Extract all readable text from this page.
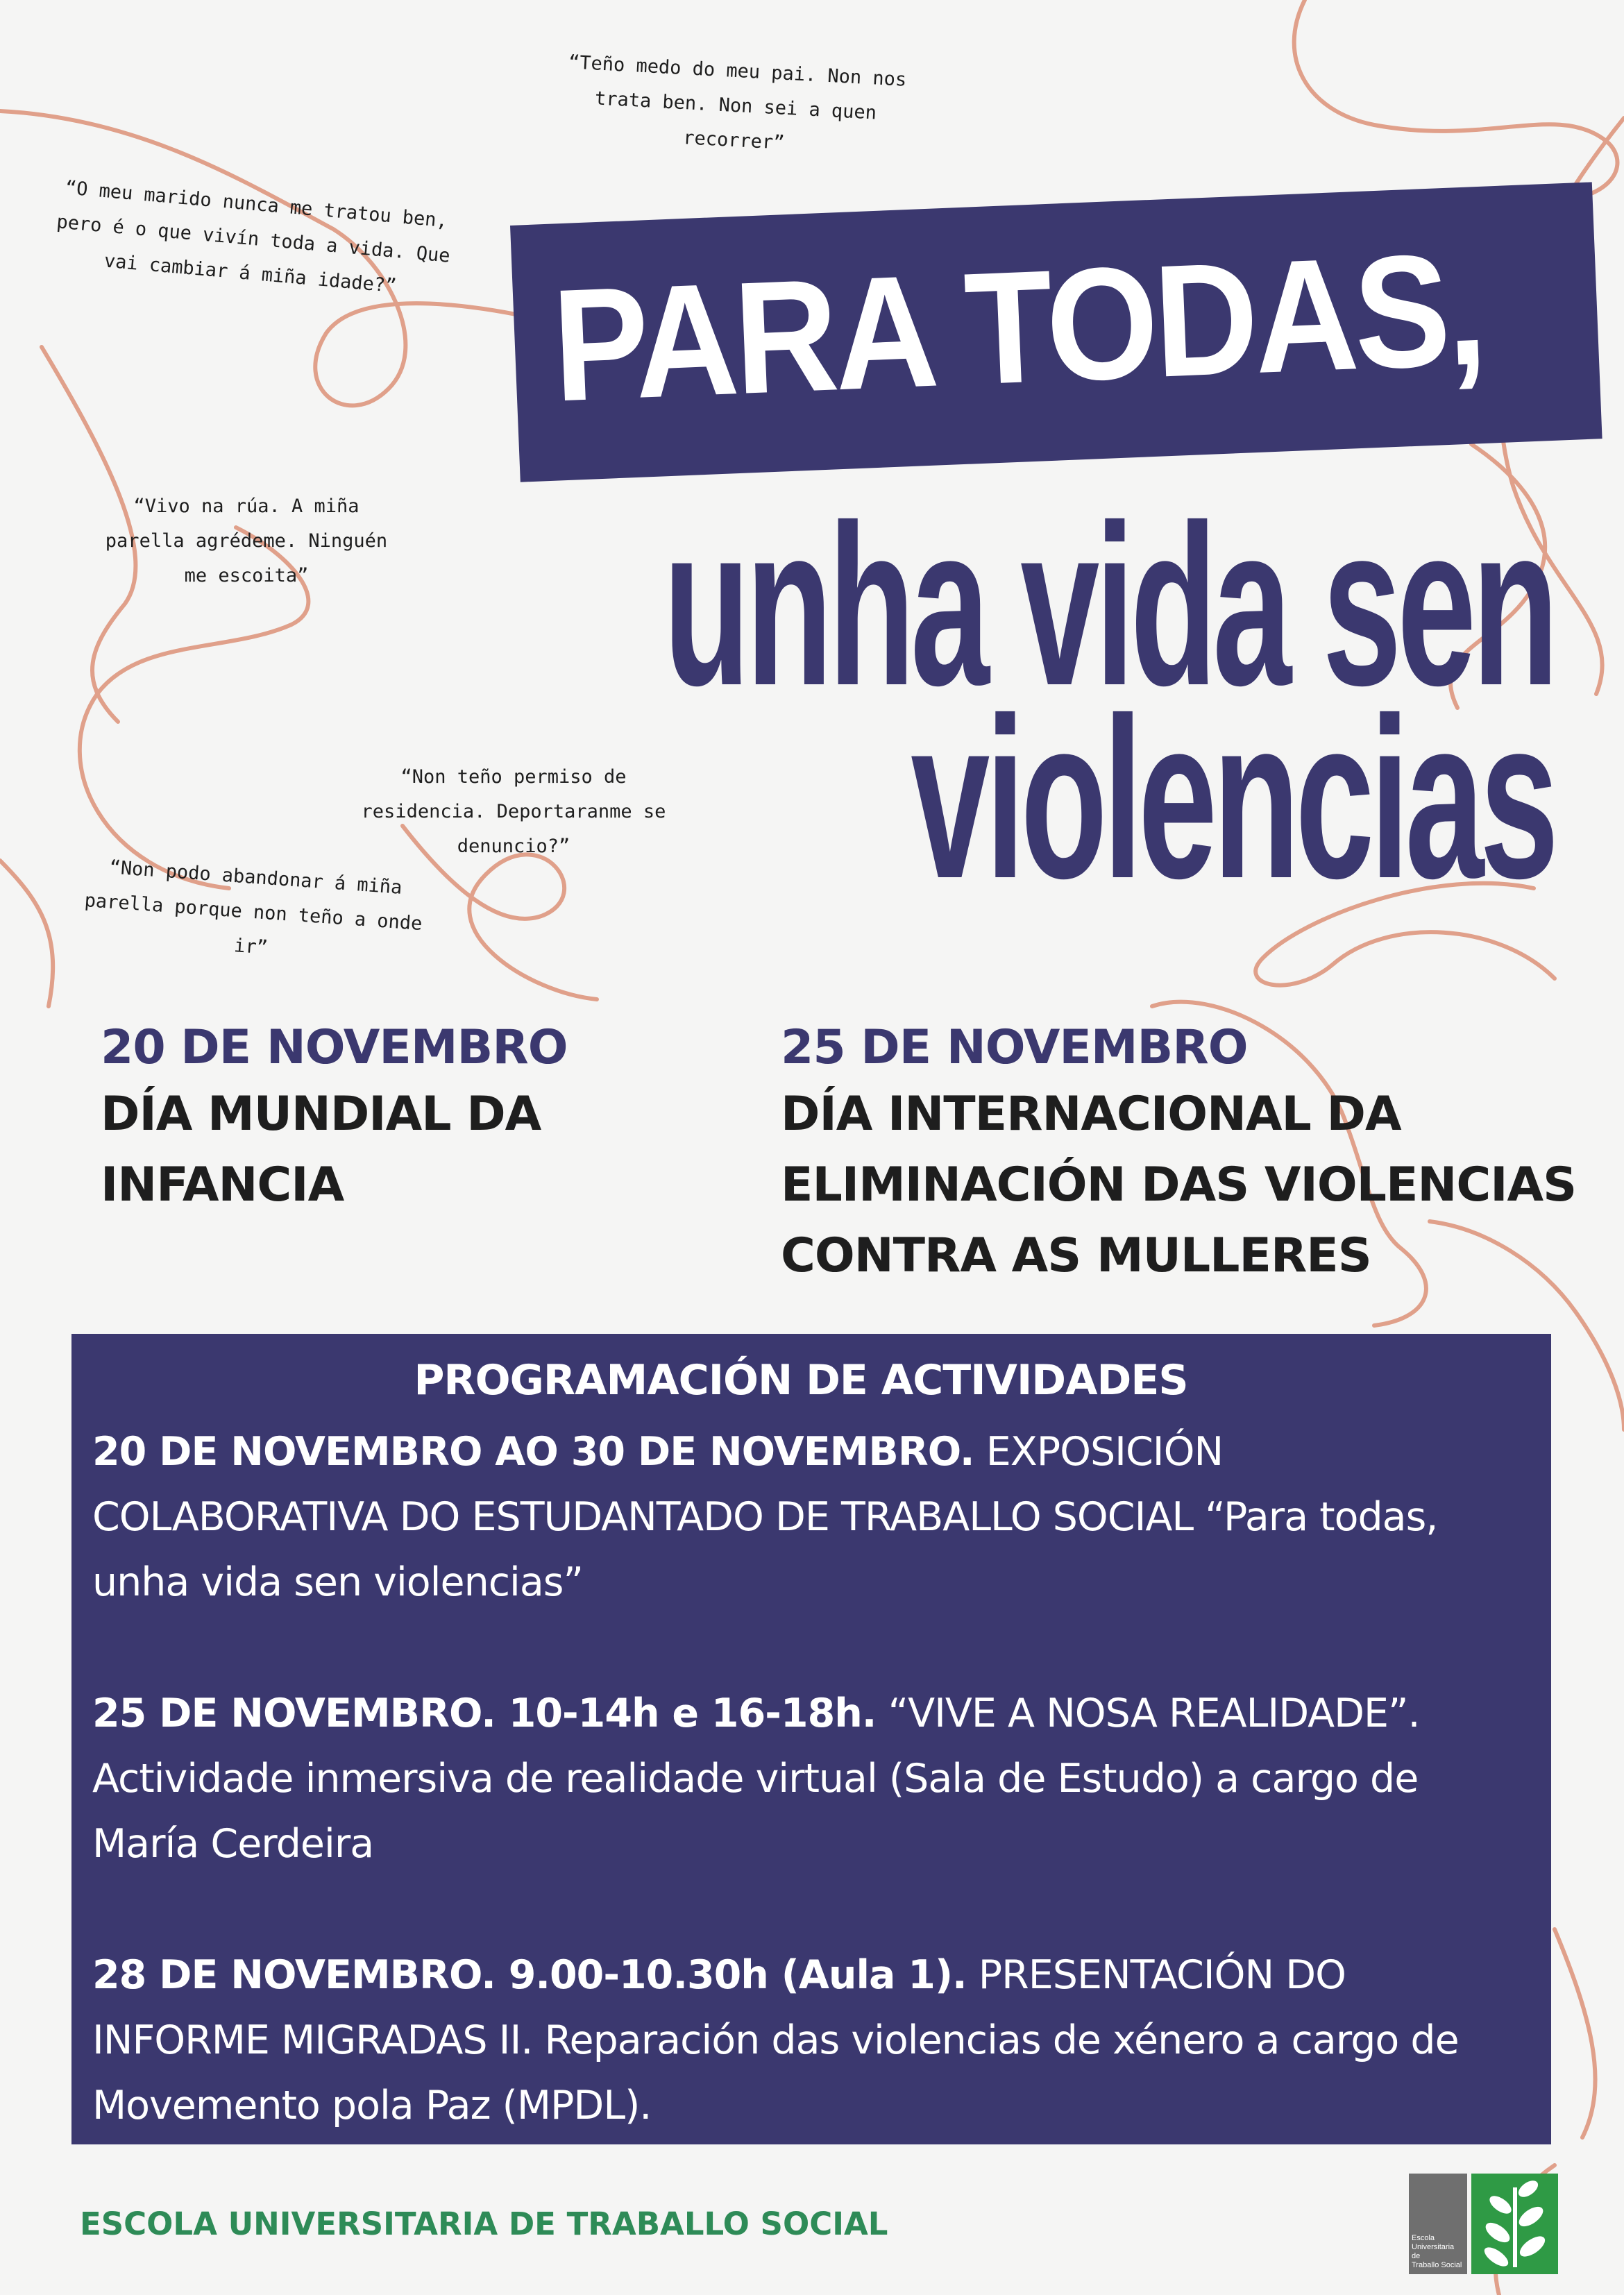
“Teño medo do meu pai. Non nos trata ben. Non sei a quen recorrer”

“O meu marido nunca me tratou ben, pero é o que vivín toda a vida. Que vai cambiar á miña idade?”

“Vivo na rúa. A miña parella agrédeme. Ninguén me escoita”

“Non teño permiso de residencia. Deportaranme se denuncio?”

“Non podo abandonar á miña parella porque non teño a onde ir”

PARA TODAS,
unha vida sen
violencias

20 DE NOVEMBRO

DÍA MUNDIAL DA

INFANCIA

25 DE NOVEMBRO

DÍA INTERNACIONAL DA

ELIMINACIÓN DAS VIOLENCIAS

CONTRA AS MULLERES

PROGRAMACIÓN DE ACTIVIDADES

20 DE NOVEMBRO AO 30 DE NOVEMBRO. EXPOSICIÓN COLABORATIVA DO ESTUDANTADO DE TRABALLO SOCIAL “Para todas, unha vida sen violencias”

25 DE NOVEMBRO. 10-14h e 16-18h. “VIVE A NOSA REALIDADE”. Actividade inmersiva de realidade virtual (Sala de Estudo) a cargo de María Cerdeira

28 DE NOVEMBRO. 9.00-10.30h (Aula 1). PRESENTACIÓN DO INFORME MIGRADAS II. Reparación das violencias de xénero a cargo de Movemento pola Paz (MPDL).

ESCOLA UNIVERSITARIA DE TRABALLO SOCIAL	Escola
Universitaria
de
Traballo Social
